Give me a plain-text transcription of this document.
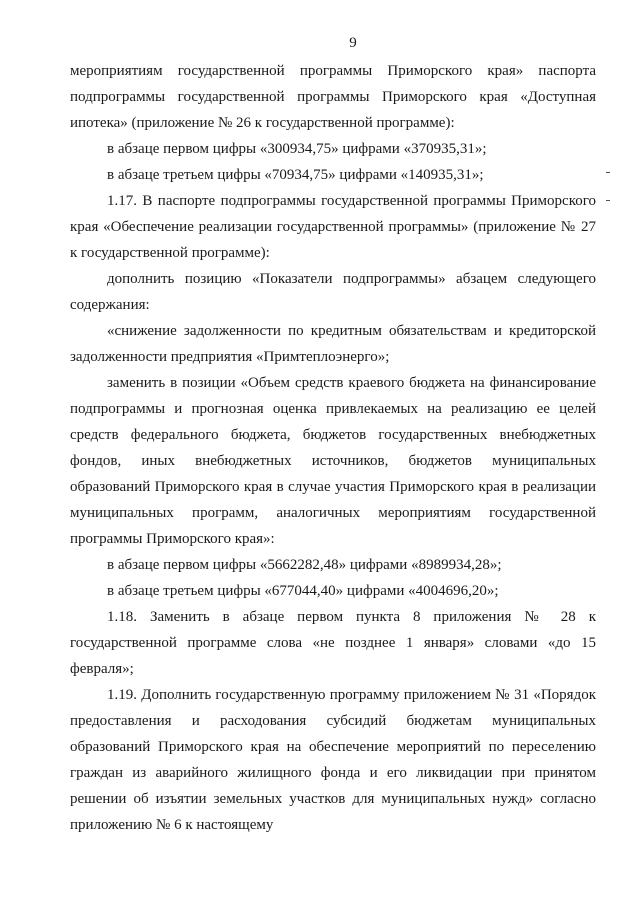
9

мероприятиям государственной программы Приморского края» паспорта подпрограммы государственной программы Приморского края «Доступная ипотека» (приложение № 26 к государственной программе):

в абзаце первом цифры «300934,75» цифрами «370935,31»;

в абзаце третьем цифры «70934,75» цифрами «140935,31»;

1.17. В паспорте подпрограммы государственной программы Приморского края «Обеспечение реализации государственной программы» (приложение № 27 к государственной программе):

дополнить позицию «Показатели подпрограммы» абзацем следующего содержания:

«снижение задолженности по кредитным обязательствам и кредиторской задолженности предприятия «Примтеплоэнерго»;

заменить в позиции «Объем средств краевого бюджета на финансирование подпрограммы и прогнозная оценка привлекаемых на реализацию ее целей средств федерального бюджета, бюджетов государственных внебюджетных фондов, иных внебюджетных источников, бюджетов муниципальных образований Приморского края в случае участия Приморского края в реализации муниципальных программ, аналогичных мероприятиям государственной программы Приморского края»:

в абзаце первом цифры «5662282,48» цифрами «8989934,28»;

в абзаце третьем цифры «677044,40» цифрами «4004696,20»;

1.18. Заменить в абзаце первом пункта 8 приложения № 28 к государственной программе слова «не позднее 1 января» словами «до 15 февраля»;

1.19. Дополнить государственную программу приложением № 31 «Порядок предоставления и расходования субсидий бюджетам муниципальных образований Приморского края на обеспечение мероприятий по переселению граждан из аварийного жилищного фонда и его ликвидации при принятом решении об изъятии земельных участков для муниципальных нужд» согласно приложению № 6 к настоящему
